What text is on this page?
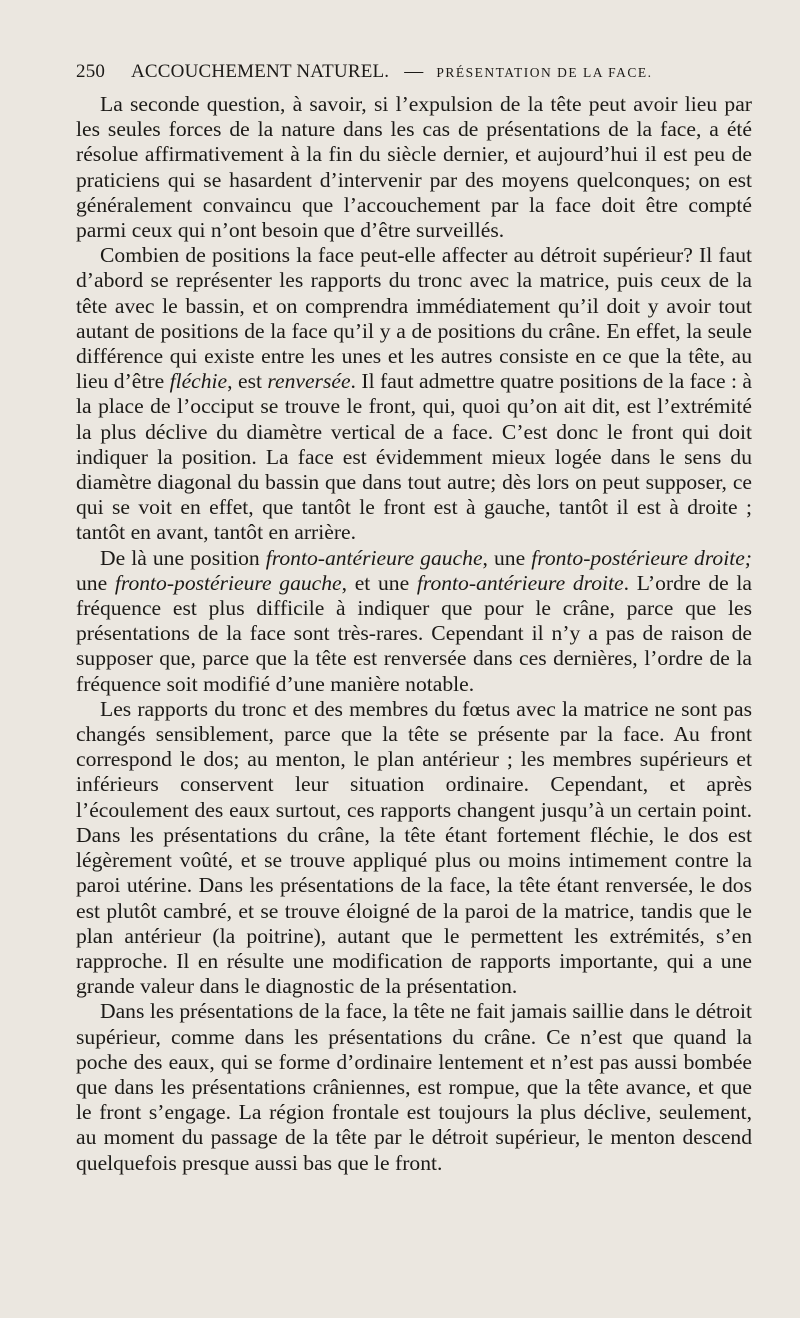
250 ACCOUCHEMENT NATUREL. — PRÉSENTATION DE LA FACE.

La seconde question, à savoir, si l’expulsion de la tête peut avoir lieu par les seules forces de la nature dans les cas de présentations de la face, a été résolue affirmativement à la fin du siècle dernier, et aujourd’hui il est peu de praticiens qui se hasardent d’intervenir par des moyens quelconques; on est généralement convaincu que l’accouchement par la face doit être compté parmi ceux qui n’ont besoin que d’être surveillés.

Combien de positions la face peut-elle affecter au détroit supérieur? Il faut d’abord se représenter les rapports du tronc avec la matrice, puis ceux de la tête avec le bassin, et on comprendra immédiatement qu’il doit y avoir tout autant de positions de la face qu’il y a de positions du crâne. En effet, la seule différence qui existe entre les unes et les autres consiste en ce que la tête, au lieu d’être fléchie, est renversée. Il faut admettre quatre positions de la face : à la place de l’occiput se trouve le front, qui, quoi qu’on ait dit, est l’extrémité la plus déclive du diamètre vertical de a face. C’est donc le front qui doit indiquer la position. La face est évidemment mieux logée dans le sens du diamètre diagonal du bassin que dans tout autre; dès lors on peut supposer, ce qui se voit en effet, que tantôt le front est à gauche, tantôt il est à droite ; tantôt en avant, tantôt en arrière.

De là une position fronto-antérieure gauche, une fronto-postérieure droite; une fronto-postérieure gauche, et une fronto-antérieure droite. L’ordre de la fréquence est plus difficile à indiquer que pour le crâne, parce que les présentations de la face sont très-rares. Cependant il n’y a pas de raison de supposer que, parce que la tête est renversée dans ces dernières, l’ordre de la fréquence soit modifié d’une manière notable.

Les rapports du tronc et des membres du fœtus avec la matrice ne sont pas changés sensiblement, parce que la tête se présente par la face. Au front correspond le dos; au menton, le plan antérieur ; les membres supérieurs et inférieurs conservent leur situation ordinaire. Cependant, et après l’écoulement des eaux surtout, ces rapports changent jusqu’à un certain point. Dans les présentations du crâne, la tête étant fortement fléchie, le dos est légèrement voûté, et se trouve appliqué plus ou moins intimement contre la paroi utérine. Dans les présentations de la face, la tête étant renversée, le dos est plutôt cambré, et se trouve éloigné de la paroi de la matrice, tandis que le plan antérieur (la poitrine), autant que le permettent les extrémités, s’en rapproche. Il en résulte une modification de rapports importante, qui a une grande valeur dans le diagnostic de la présentation.

Dans les présentations de la face, la tête ne fait jamais saillie dans le détroit supérieur, comme dans les présentations du crâne. Ce n’est que quand la poche des eaux, qui se forme d’ordinaire lentement et n’est pas aussi bombée que dans les présentations crâniennes, est rompue, que la tête avance, et que le front s’engage. La région frontale est toujours la plus déclive, seulement, au moment du passage de la tête par le détroit supérieur, le menton descend quelquefois presque aussi bas que le front.
